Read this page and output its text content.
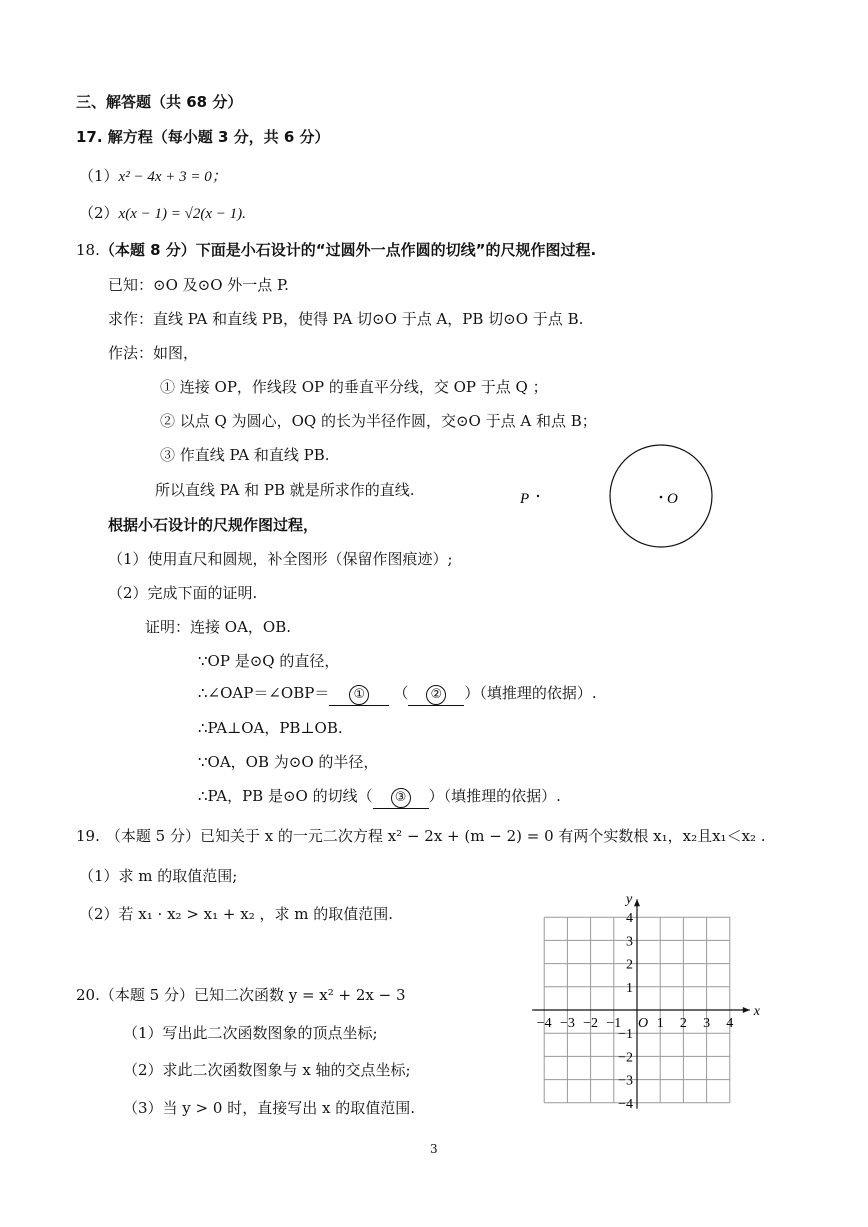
三、解答题（共 68 分）
17. 解方程（每小题 3 分，共 6 分）
（1）x² − 4x + 3 = 0；
（2）x(x − 1) = √2(x − 1).
18.（本题 8 分）下面是小石设计的“过圆外一点作圆的切线”的尺规作图过程.
已知：⊙O 及⊙O 外一点 P.
求作：直线 PA 和直线 PB，使得 PA 切⊙O 于点 A，PB 切⊙O 于点 B.
作法：如图，
① 连接 OP，作线段 OP 的垂直平分线，交 OP 于点 Q ；
② 以点 Q 为圆心，OQ 的长为半径作圆，交⊙O 于点 A 和点 B；
③ 作直线 PA 和直线 PB.
所以直线 PA 和 PB 就是所求作的直线.	P	O
根据小石设计的尺规作图过程，
（1）使用直尺和圆规，补全图形（保留作图痕迹）;
（2）完成下面的证明.
证明：连接 OA，OB.
∵OP 是⊙Q 的直径，
∴∠OAP＝∠OBP＝ ① （ ② ）（填推理的依据）.
∴PA⊥OA，PB⊥OB.
∵OA，OB 为⊙O 的半径，
∴PA，PB 是⊙O 的切线（ ③ ）（填推理的依据）.
19. （本题 5 分）已知关于 x 的一元二次方程 x² − 2x + (m − 2) = 0 有两个实数根 x₁，x₂且x₁＜x₂ .
（1）求 m 的取值范围;
（2）若 x₁ · x₂ > x₁ + x₂ ，求 m 的取值范围.
20.（本题 5 分）已知二次函数 y = x² + 2x − 3
（1）写出此二次函数图象的顶点坐标;
（2）求此二次函数图象与 x 轴的交点坐标;
（3）当 y > 0 时，直接写出 x 的取值范围.
x
y
O
−4 −3 −2 −1	1 2 3 4
4
3
2
1
−1
−2
−3
−4
3
